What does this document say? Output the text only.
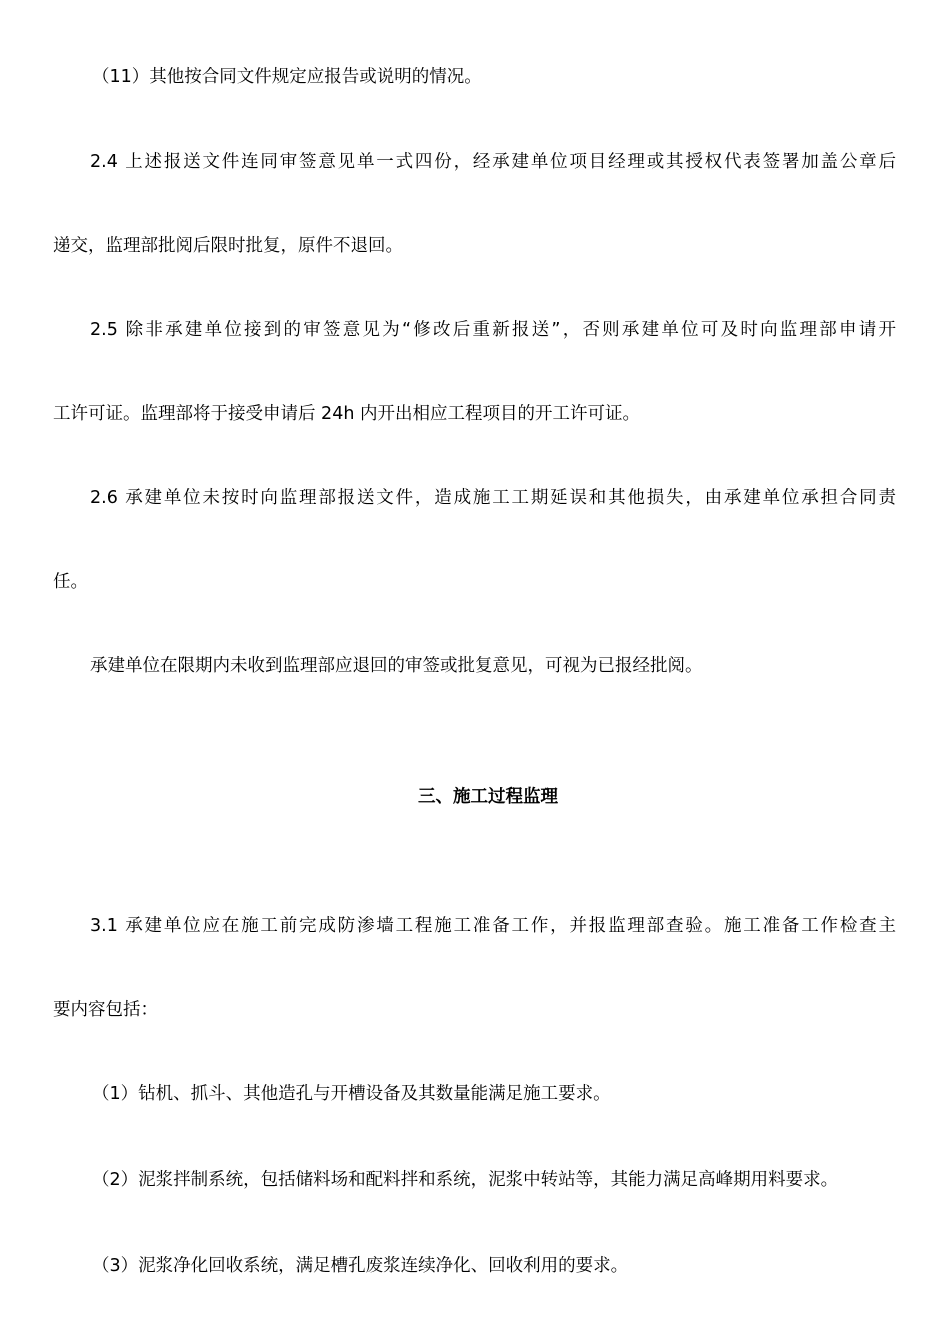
（11）其他按合同文件规定应报告或说明的情况。
2.4 上述报送文件连同审签意见单一式四份，经承建单位项目经理或其授权代表签署加盖公章后
递交，监理部批阅后限时批复，原件不退回。
2.5 除非承建单位接到的审签意见为“修改后重新报送”，否则承建单位可及时向监理部申请开
工许可证。监理部将于接受申请后 24h 内开出相应工程项目的开工许可证。
2.6 承建单位未按时向监理部报送文件，造成施工工期延误和其他损失，由承建单位承担合同责
任。
承建单位在限期内未收到监理部应退回的审签或批复意见，可视为已报经批阅。
三、施工过程监理
3.1 承建单位应在施工前完成防渗墙工程施工准备工作，并报监理部查验。施工准备工作检查主
要内容包括：
（1）钻机、抓斗、其他造孔与开槽设备及其数量能满足施工要求。
（2）泥浆拌制系统，包括储料场和配料拌和系统，泥浆中转站等，其能力满足高峰期用料要求。
（3）泥浆净化回收系统，满足槽孔废浆连续净化、回收利用的要求。
